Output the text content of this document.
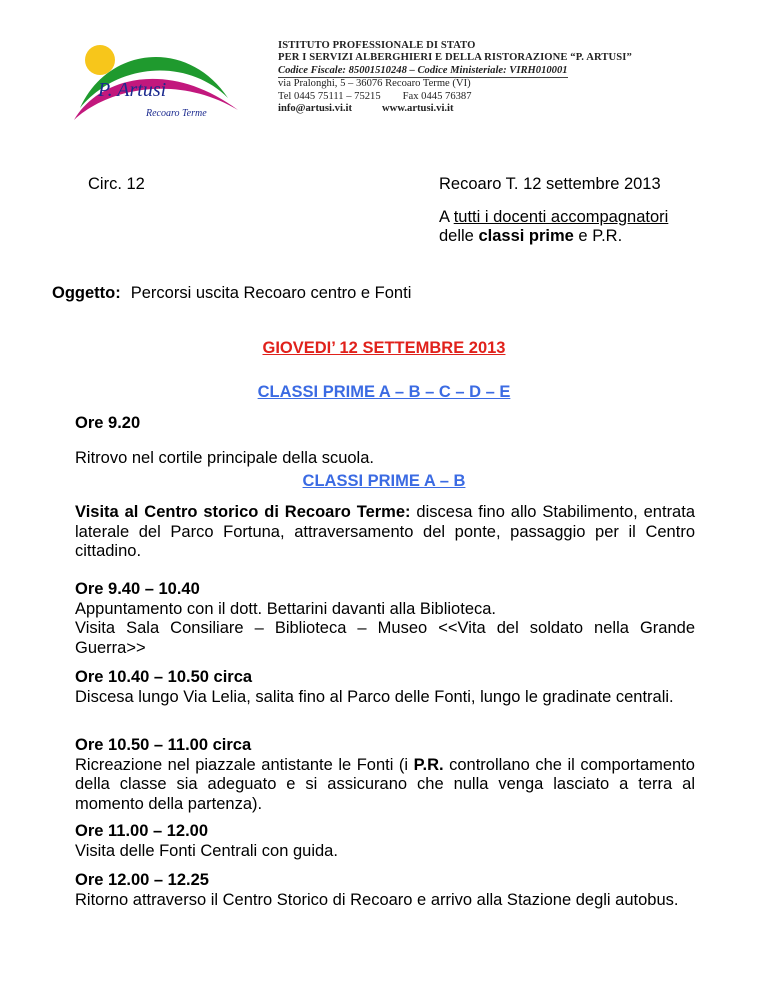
P. Artusi
Recoaro Terme
ISTITUTO PROFESSIONALE DI STATO
PER I SERVIZI ALBERGHIERI E DELLA RISTORAZIONE “P. ARTUSI”
Codice Fiscale: 85001510248 – Codice Ministeriale: VIRH010001
via Pralonghi, 5 – 36076 Recoaro Terme (VI)
Tel 0445 75111 – 75215 Fax 0445 76387
info@artusi.vi.it	www.artusi.vi.it
Circ. 12	Recoaro T. 12 settembre 2013
A tutti i docenti accompagnatori
delle classi prime e P.R.
Oggetto: Percorsi uscita Recoaro centro e Fonti
GIOVEDI’ 12 SETTEMBRE 2013
CLASSI PRIME A – B – C – D – E
Ore 9.20
Ritrovo nel cortile principale della scuola.
CLASSI PRIME A – B
Visita al Centro storico di Recoaro Terme: discesa fino allo Stabilimento, entrata laterale del Parco Fortuna, attraversamento del ponte, passaggio per il Centro cittadino.
Ore 9.40 – 10.40
Appuntamento con il dott. Bettarini davanti alla Biblioteca.
Visita Sala Consiliare – Biblioteca – Museo <<Vita del soldato nella Grande Guerra>>
Ore 10.40 – 10.50 circa
Discesa lungo Via Lelia, salita fino al Parco delle Fonti, lungo le gradinate centrali.
Ore 10.50 – 11.00 circa
Ricreazione nel piazzale antistante le Fonti (i P.R. controllano che il comportamento della classe sia adeguato e si assicurano che nulla venga lasciato a terra al momento della partenza).
Ore 11.00 – 12.00
Visita delle Fonti Centrali con guida.
Ore 12.00 – 12.25
Ritorno attraverso il Centro Storico di Recoaro e arrivo alla Stazione degli autobus.
